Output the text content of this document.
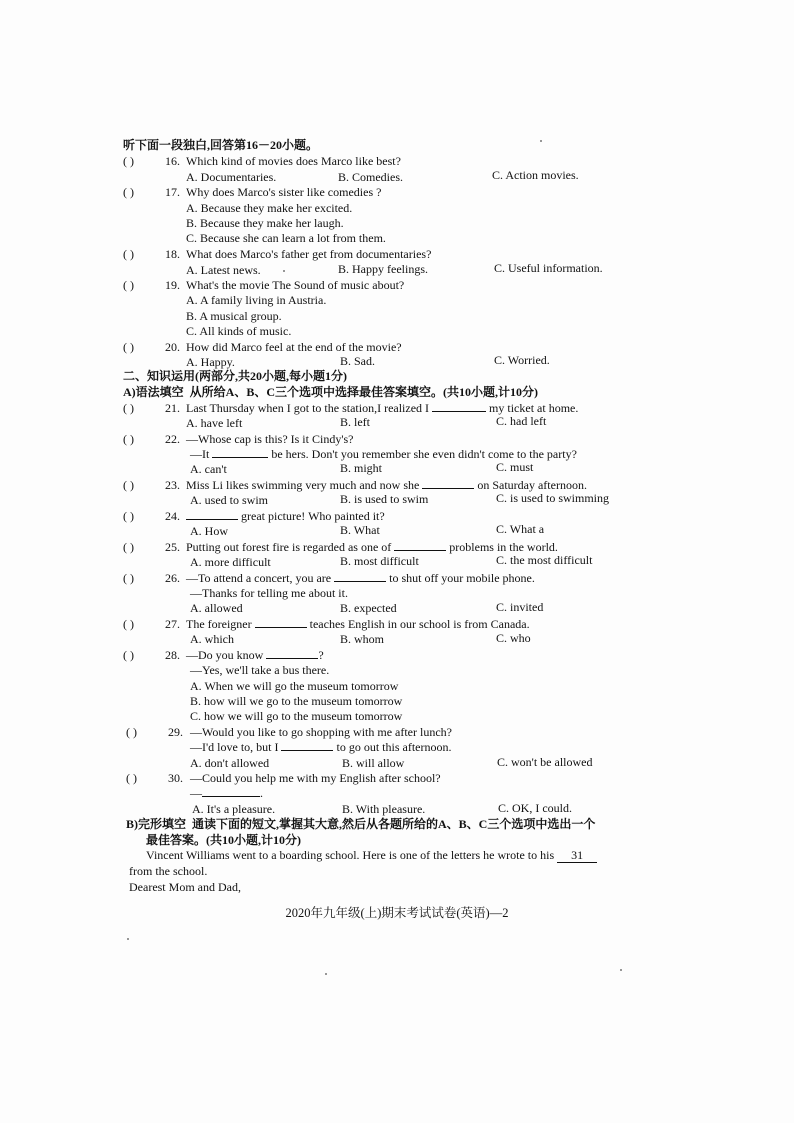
听下面一段独白,回答第16－20小题。
( )	16. Which kind of movies does Marco like best?
A. Documentaries.	B. Comedies.	C. Action movies.
( )	17. Why does Marco's sister like comedies ?
A. Because they make her excited.
B. Because they make her laugh.
C. Because she can learn a lot from them.
( )	18. What does Marco's father get from documentaries?
A. Latest news.	B. Happy feelings.	C. Useful information.
( )	19. What's the movie The Sound of music about?
A. A family living in Austria.
B. A musical group.
C. All kinds of music.
( )	20. How did Marco feel at the end of the movie?
A. Happy.	B. Sad.	C. Worried.
二、知识运用(两部分,共20小题,每小题1分)
A)语法填空  从所给A、B、C三个选项中选择最佳答案填空。(共10小题,计10分)
( )	21. Last Thursday when I got to the station,I realized I	my ticket at home.
A. have left	B. left	C. had left
( )	22. —Whose cap is this? Is it Cindy's?
—It	be hers. Don't you remember she even didn't come to the party?
A. can't	B. might	C. must
( )	23. Miss Li likes swimming very much and now she	on Saturday afternoon.
A. used to swim	B. is used to swim	C. is used to swimming
( )	24.	great picture! Who painted it?
A. How	B. What	C. What a
( )	25. Putting out forest fire is regarded as one of	problems in the world.
A. more difficult	B. most difficult	C. the most difficult
( )	26. —To attend a concert, you are	to shut off your mobile phone.
—Thanks for telling me about it.
A. allowed	B. expected	C. invited
( )	27. The foreigner	teaches English in our school is from Canada.
A. which	B. whom	C. who
( )	28. —Do you know	?
—Yes, we'll take a bus there.
A. When we will go the museum tomorrow
B. how will we go to the museum tomorrow
C. how we will go to the museum tomorrow
( )	29. —Would you like to go shopping with me after lunch?
—I'd love to, but I	to go out this afternoon.
A. don't allowed	B. will allow	C. won't be allowed
( )	30. —Could you help me with my English after school?
—	.
A. It's a pleasure.	B. With pleasure.	C. OK, I could.
B)完形填空  通读下面的短文,掌握其大意,然后从各题所给的A、B、C三个选项中选出一个
最佳答案。(共10小题,计10分)
Vincent Williams went to a boarding school. Here is one of the letters he wrote to his 31
from the school.
Dearest Mom and Dad,
2020年九年级(上)期末考试试卷(英语)—2
